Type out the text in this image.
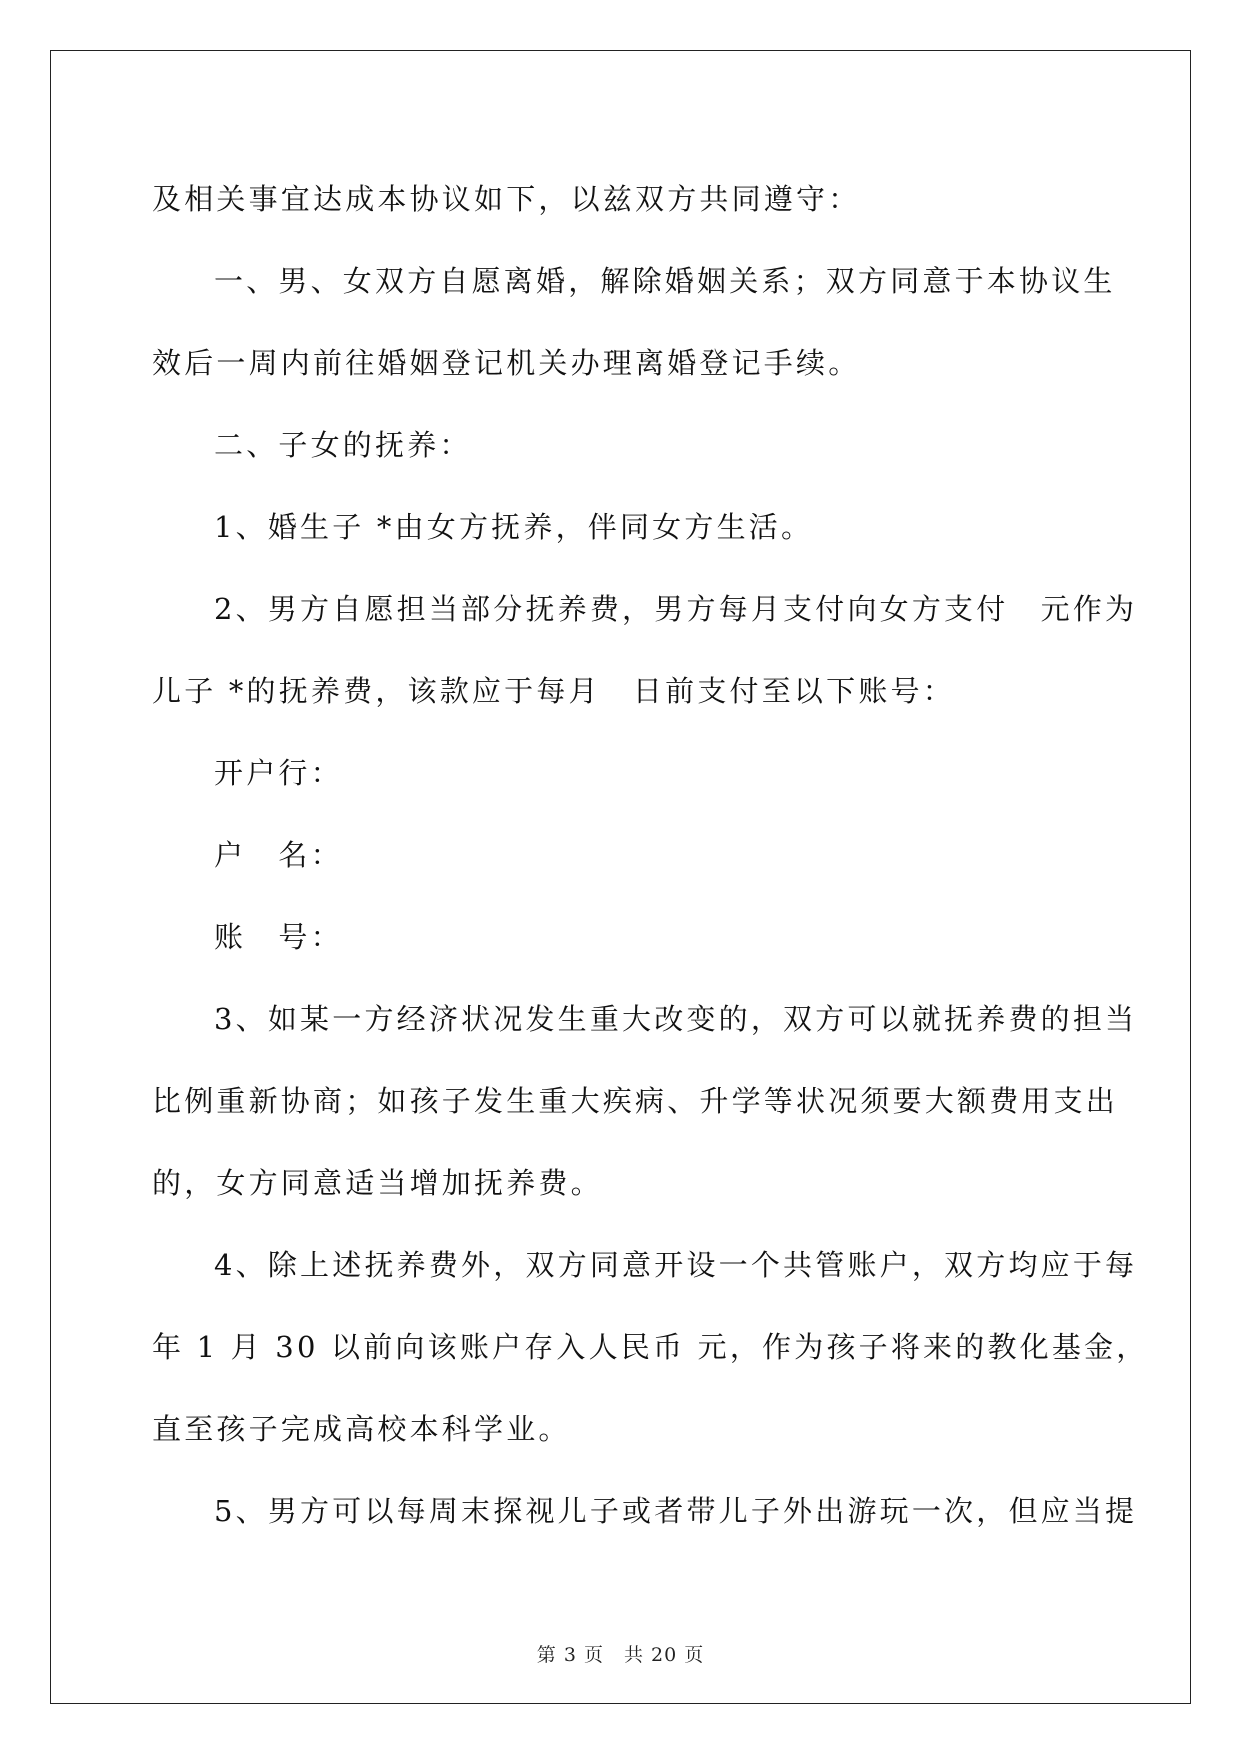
及相关事宜达成本协议如下，以兹双方共同遵守：
一、男、女双方自愿离婚，解除婚姻关系；双方同意于本协议生
效后一周内前往婚姻登记机关办理离婚登记手续。
二、子女的抚养：
1、婚生子 *由女方抚养，伴同女方生活。
2、男方自愿担当部分抚养费，男方每月支付向女方支付　元作为
儿子 *的抚养费，该款应于每月　日前支付至以下账号：
开户行：
户　名：
账　号：
3、如某一方经济状况发生重大改变的，双方可以就抚养费的担当
比例重新协商；如孩子发生重大疾病、升学等状况须要大额费用支出
的，女方同意适当增加抚养费。
4、除上述抚养费外，双方同意开设一个共管账户，双方均应于每
年 1 月 30 以前向该账户存入人民币 元，作为孩子将来的教化基金，
直至孩子完成高校本科学业。
5、男方可以每周末探视儿子或者带儿子外出游玩一次，但应当提
第 3 页　共 20 页
